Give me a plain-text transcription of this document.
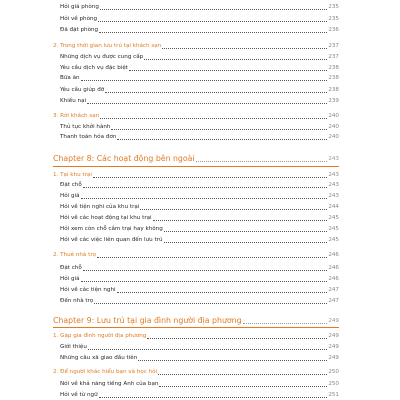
Hỏi giá phòng	235
Hỏi về phòng	235
Đã đặt phòng	236
2. Trong thời gian lưu trú tại khách sạn	237
Những dịch vụ được cung cấp	237
Yêu cầu dịch vụ đặc biệt	238
Bữa ăn	238
Yêu cầu giúp đỡ	238
Khiếu nại	239
3. Rời khách sạn	240
Thủ tục khởi hành	240
Thanh toán hóa đơn	240
Chapter 8: Các hoạt động bên ngoài	243
1. Tại khu trại	243
Đặt chỗ	243
Hỏi giá	243
Hỏi về tiện nghi của khu trại	244
Hỏi về các hoạt động tại khu trại	245
Hỏi xem còn chỗ cắm trại hay không	245
Hỏi về các việc liên quan đến lưu trú	245
2. Thuê nhà trọ	246
Đặt chỗ	246
Hỏi giá	246
Hỏi về các tiện nghi	247
Đến nhà trọ	247
Chapter 9: Lưu trú tại gia đình người địa phương	249
1. Gặp gia đình người địa phương	249
Giới thiệu	249
Những câu xã giao đầu tiên	249
2. Để người khác hiểu bạn và học hỏi	250
Nói về khả năng tiếng Anh của bạn	250
Hỏi về từ ngữ	251
